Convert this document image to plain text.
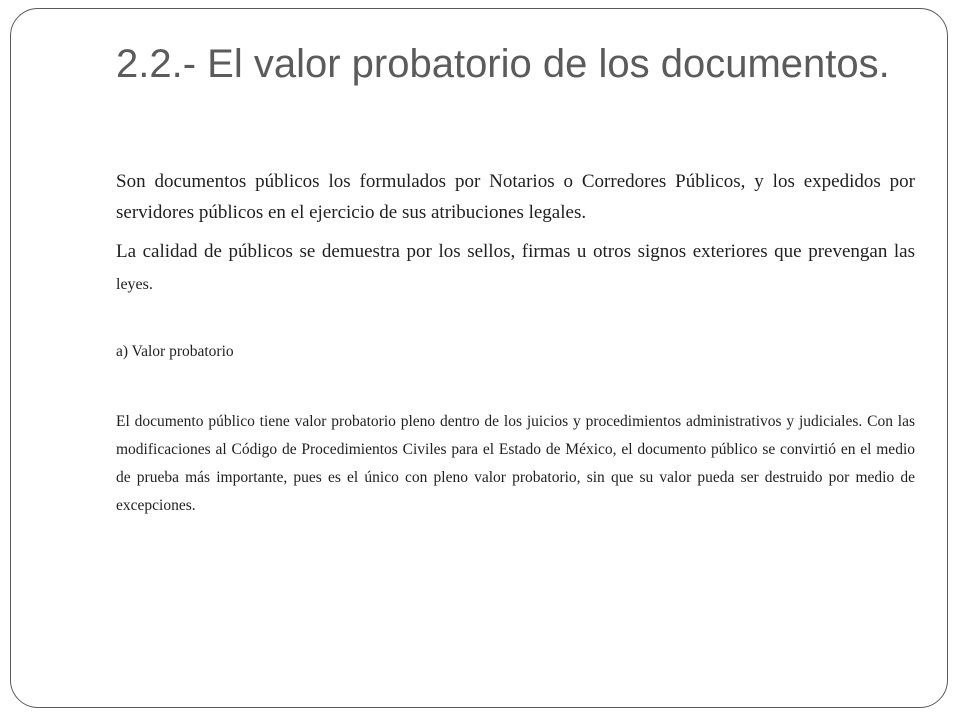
2.2.- El valor probatorio de los documentos.

Son documentos públicos los formulados por Notarios o Corredores Públicos, y los expedidos por servidores públicos en el ejercicio de sus atribuciones legales.

La calidad de públicos se demuestra por los sellos, firmas u otros signos exteriores que prevengan las leyes.

a) Valor probatorio

El documento público tiene valor probatorio pleno dentro de los juicios y procedimientos administrativos y judiciales. Con las modificaciones al Código de Procedimientos Civiles para el Estado de México, el documento público se convirtió en el medio de prueba más importante, pues es el único con pleno valor probatorio, sin que su valor pueda ser destruido por medio de excepciones.
